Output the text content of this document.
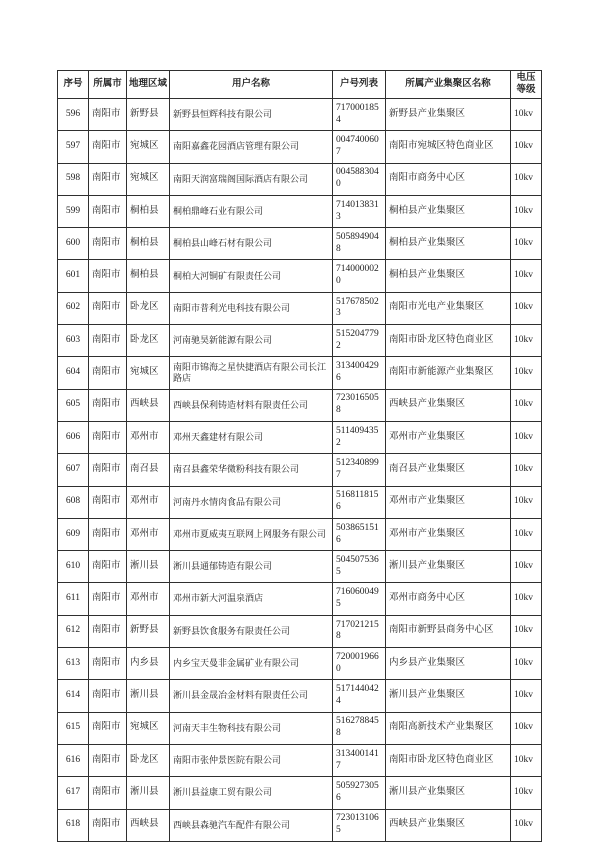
序号	所属市	地理区域	用户名称	户号列表	所属产业集聚区名称	电压等级
596	南阳市	新野县	新野县恒辉科技有限公司	7170001854	新野县产业集聚区	10kv
597	南阳市	宛城区	南阳嘉鑫花园酒店管理有限公司	0047400607	南阳市宛城区特色商业区	10kv
598	南阳市	宛城区	南阳天润富瑞阁国际酒店有限公司	0045883040	南阳市商务中心区	10kv
599	南阳市	桐柏县	桐柏鼎峰石业有限公司	7140138313	桐柏县产业集聚区	10kv
600	南阳市	桐柏县	桐柏县山峰石材有限公司	5058949048	桐柏县产业集聚区	10kv
601	南阳市	桐柏县	桐柏大河铜矿有限责任公司	7140000020	桐柏县产业集聚区	10kv
602	南阳市	卧龙区	南阳市普利光电科技有限公司	5176785023	南阳市光电产业集聚区	10kv
603	南阳市	卧龙区	河南驰昊新能源有限公司	5152047792	南阳市卧龙区特色商业区	10kv
604	南阳市	宛城区	南阳市锦海之星快捷酒店有限公司长江路店	3134004296	南阳市新能源产业集聚区	10kv
605	南阳市	西峡县	西峡县保利铸造材料有限责任公司	7230165058	西峡县产业集聚区	10kv
606	南阳市	邓州市	邓州天鑫建材有限公司	5114094352	邓州市产业集聚区	10kv
607	南阳市	南召县	南召县鑫荣华微粉科技有限公司	5123408997	南召县产业集聚区	10kv
608	南阳市	邓州市	河南丹水情肉食品有限公司	5168118156	邓州市产业集聚区	10kv
609	南阳市	邓州市	邓州市夏威夷互联网上网服务有限公司	5038651516	邓州市产业集聚区	10kv
610	南阳市	淅川县	淅川县通郁铸造有限公司	5045075365	淅川县产业集聚区	10kv
611	南阳市	邓州市	邓州市新大河温泉酒店	7160600495	邓州市商务中心区	10kv
612	南阳市	新野县	新野县饮食服务有限责任公司	7170212158	南阳市新野县商务中心区	10kv
613	南阳市	内乡县	内乡宝天曼非金属矿业有限公司	7200019660	内乡县产业集聚区	10kv
614	南阳市	淅川县	淅川县金晟冶金材料有限责任公司	5171440424	淅川县产业集聚区	10kv
615	南阳市	宛城区	河南天丰生物科技有限公司	5162788458	南阳高新技术产业集聚区	10kv
616	南阳市	卧龙区	南阳市张仲景医院有限公司	3134001417	南阳市卧龙区特色商业区	10kv
617	南阳市	淅川县	淅川县益康工贸有限公司	5059273056	淅川县产业集聚区	10kv
618	南阳市	西峡县	西峡县森驰汽车配件有限公司	7230131065	西峡县产业集聚区	10kv
